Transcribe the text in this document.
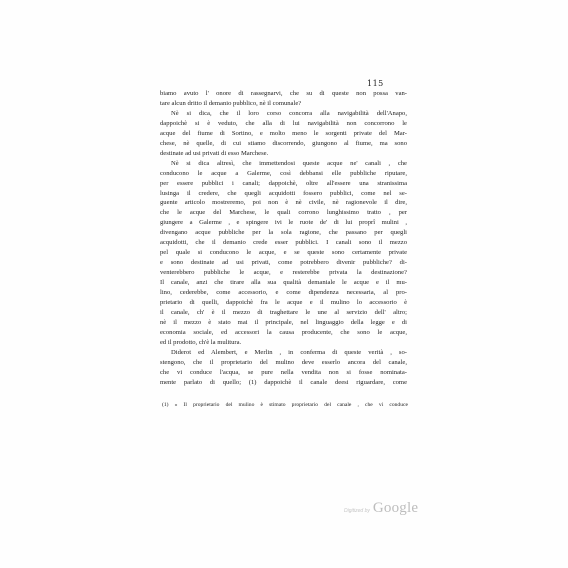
115
biamo avuto l' onore di rassegnarvi, che su di queste non possa van-
tare alcun dritto il demanio pubblico, nè il comunale?
Nè si dica, che il loro corso concorra alla navigabilità dell'Anapo,
dappoichè si è veduto, che alla di lui navigabilità non concorrono le
acque del fiume di Sortino, e molto meno le sorgenti private del Mar-
chese, nè quelle, di cui stiamo discorrendo, giungono al fiume, ma sono
destinate ad usi privati di esso Marchese.
Nè si dica altresì, che immettendosi queste acque ne' canali , che
conducono le acque a Galerme, così debbansi elle pubbliche riputare,
per essere pubblici i canali; dappoichè, oltre all'essere una stranissima
lusinga il credere, che quegli acquidotti fossero pubblici, come nel se-
guente articolo mostreremo, poi non è nè civile, nè ragionevole il dire,
che le acque del Marchese, le quali corrono lunghissimo tratto , per
giungere a Galerme , e spingere ivi le ruote de' di lui proprî mulini ,
divengano acque pubbliche per la sola ragione, che passano per quegli
acquidotti, che il demanio crede esser pubblici. I canali sono il mezzo
pel quale si conducono le acque, e se queste sono certamente private
e sono destinate ad usi privati, come potrebbero divenir pubbliche? di-
venterebbero pubbliche le acque, e resterebbe privata la destinazione?
Il canale, anzi che tirare alla sua qualità demaniale le acque e il mu-
lino, cederebbe, come accessorio, e come dipendenza necessaria, al pro-
prietario di quelli, dappoichè fra le acque e il mulino lo accessorio è
il canale, ch' è il mezzo di traghettare le une al servizio dell' altro;
nè il mezzo è stato mai il principale, nel linguaggio della legge e di
economia sociale, ed accessori la causa producente, che sono le acque,
ed il prodotto, ch'è la mulitura.
Diderot ed Alembert, e Merlin , in conferma di queste verità , so-
stengono, che il proprietario del mulino deve esserlo ancora del canale,
che vi conduce l'acqua, se pure nella vendita non si fosse nominata-
mente parlato di quello; (1) dappoichè il canale deesi riguardare, come
(1) » Il proprietario del mulino è stimato proprietario del canale , che vi conduce
Digitized by Google
